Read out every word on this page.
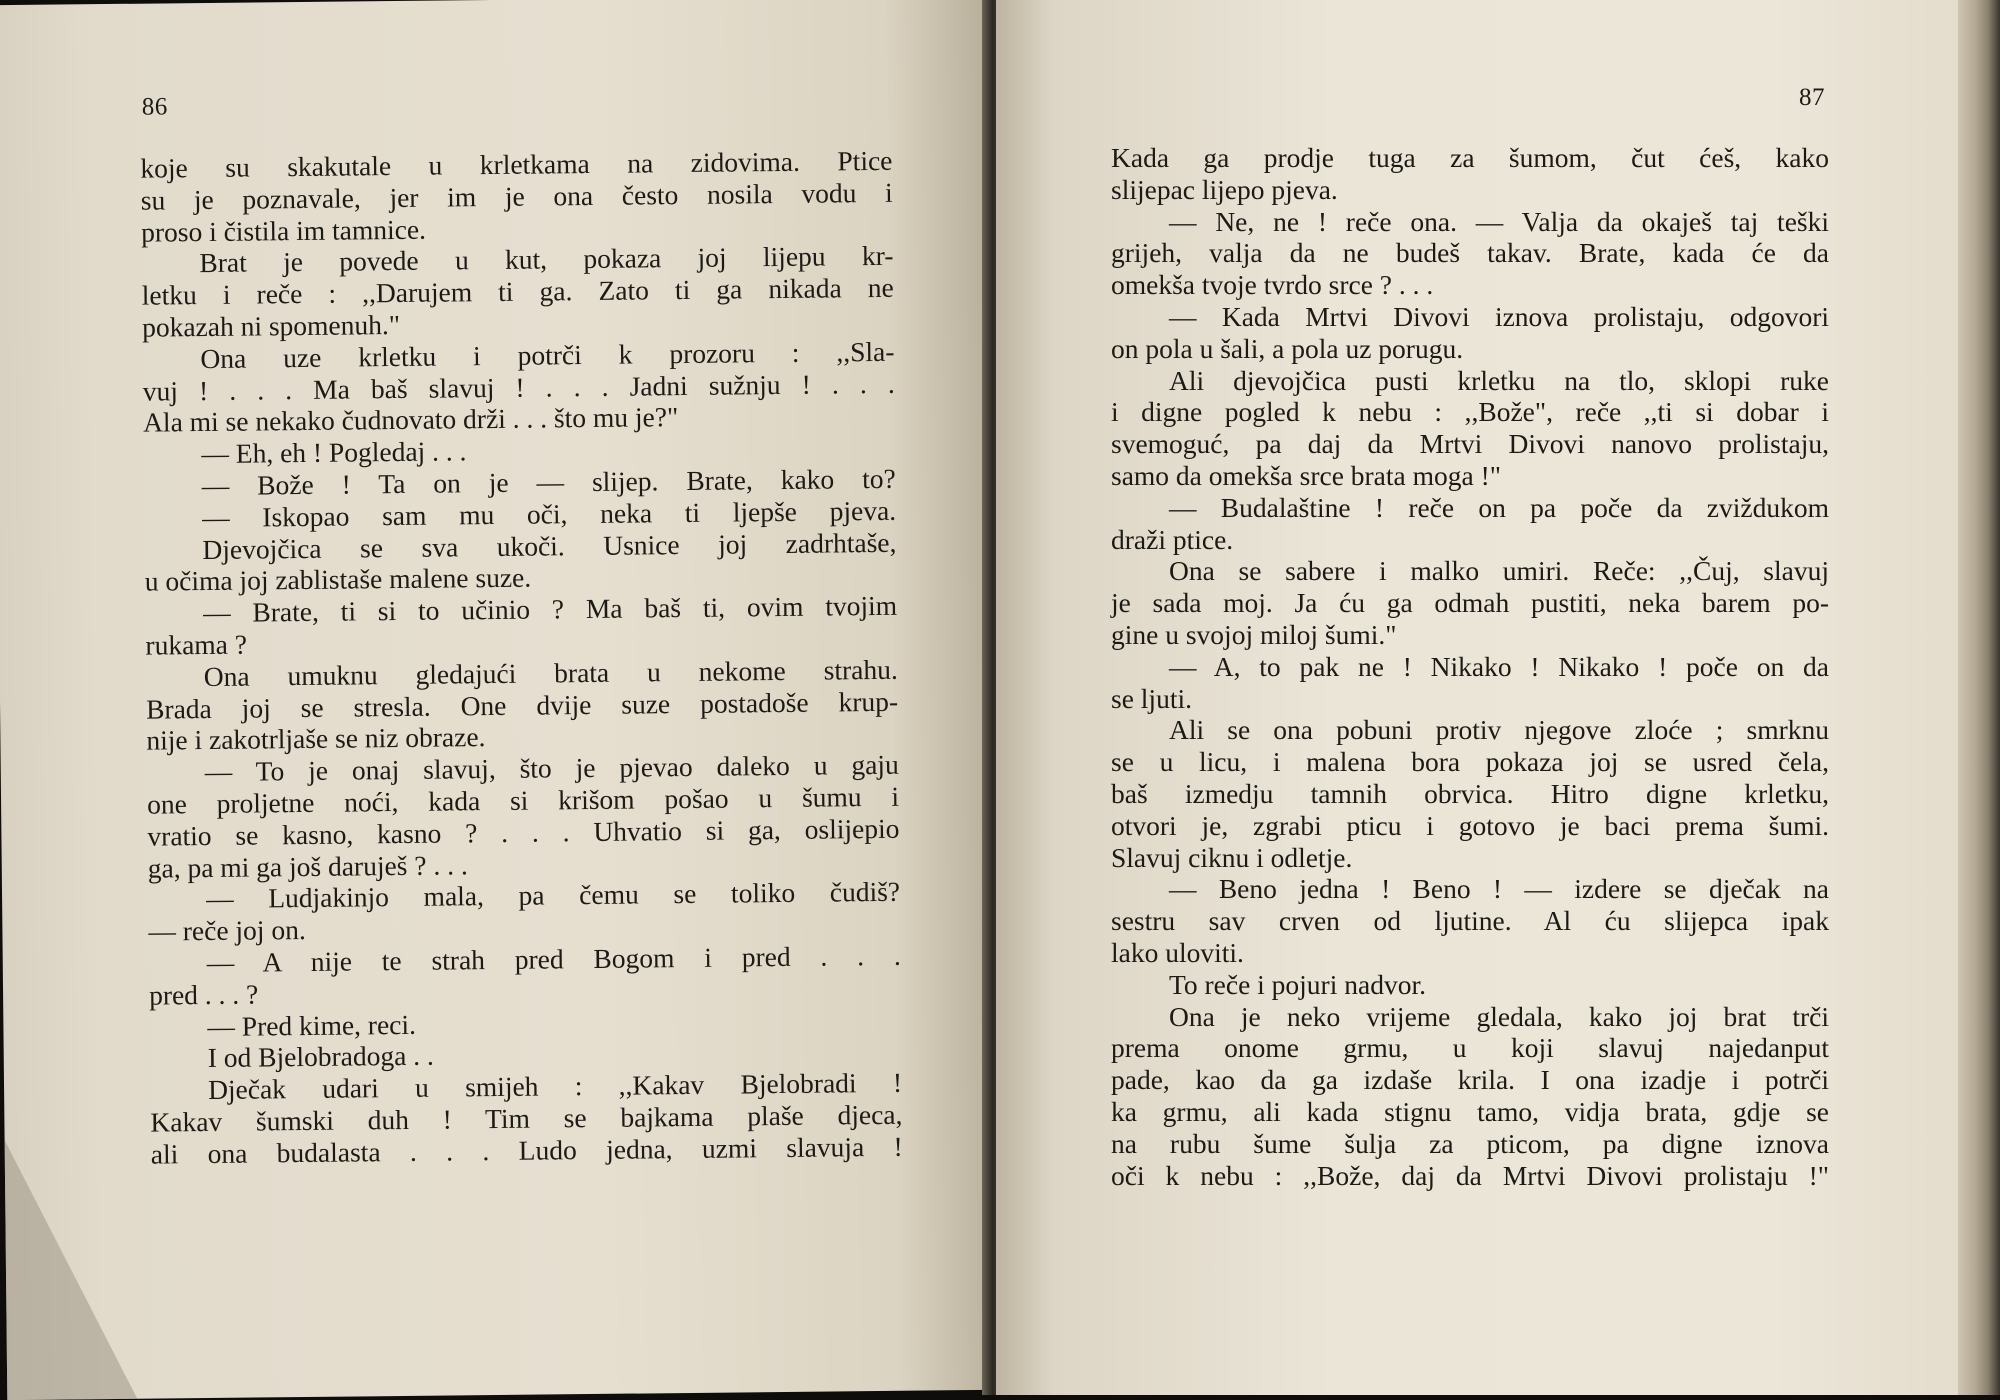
86
koje su skakutale u krletkama na zidovima. Ptice
su je poznavale, jer im je ona često nosila vodu i
proso i čistila im tamnice.
Brat je povede u kut, pokaza joj lijepu kr-
letku i reče : ,,Darujem ti ga. Zato ti ga nikada ne
pokazah ni spomenuh."
Ona uze krletku i potrči k prozoru : ,,Sla-
vuj ! . . . Ma baš slavuj ! . . . Jadni sužnju ! . . .
Ala mi se nekako čudnovato drži . . . što mu je?"
— Eh, eh ! Pogledaj . . .
— Bože ! Ta on je — slijep. Brate, kako to?
— Iskopao sam mu oči, neka ti ljepše pjeva.
Djevojčica se sva ukoči. Usnice joj zadrhtaše,
u očima joj zablistaše malene suze.
— Brate, ti si to učinio ? Ma baš ti, ovim tvojim
rukama ?
Ona umuknu gledajući brata u nekome strahu.
Brada joj se stresla. One dvije suze postadoše krup-
nije i zakotrljaše se niz obraze.
— To je onaj slavuj, što je pjevao daleko u gaju
one proljetne noći, kada si krišom pošao u šumu i
vratio se kasno, kasno ? . . . Uhvatio si ga, oslijepio
ga, pa mi ga još daruješ ? . . .
— Ludjakinjo mala, pa čemu se toliko čudiš?
— reče joj on.
— A nije te strah pred Bogom i pred . . .
pred . . . ?
— Pred kime, reci.
I od Bjelobradoga . .
Dječak udari u smijeh : ,,Kakav Bjelobradi !
Kakav šumski duh ! Tim se bajkama plaše djeca,
ali ona budalasta . . . Ludo jedna, uzmi slavuja !
87
Kada ga prodje tuga za šumom, čut ćeš, kako
slijepac lijepo pjeva.
— Ne, ne ! reče ona. — Valja da okaješ taj teški
grijeh, valja da ne budeš takav. Brate, kada će da
omekša tvoje tvrdo srce ? . . .
— Kada Mrtvi Divovi iznova prolistaju, odgovori
on pola u šali, a pola uz porugu.
Ali djevojčica pusti krletku na tlo, sklopi ruke
i digne pogled k nebu : ,,Bože", reče ,,ti si dobar i
svemoguć, pa daj da Mrtvi Divovi nanovo prolistaju,
samo da omekša srce brata moga !"
— Budalaštine ! reče on pa poče da zviždukom
draži ptice.
Ona se sabere i malko umiri. Reče: ,,Čuj, slavuj
je sada moj. Ja ću ga odmah pustiti, neka barem po-
gine u svojoj miloj šumi."
— A, to pak ne ! Nikako ! Nikako ! poče on da
se ljuti.
Ali se ona pobuni protiv njegove zloće ; smrknu
se u licu, i malena bora pokaza joj se usred čela,
baš izmedju tamnih obrvica. Hitro digne krletku,
otvori je, zgrabi pticu i gotovo je baci prema šumi.
Slavuj ciknu i odletje.
— Beno jedna ! Beno ! — izdere se dječak na
sestru sav crven od ljutine. Al ću slijepca ipak
lako uloviti.
To reče i pojuri nadvor.
Ona je neko vrijeme gledala, kako joj brat trči
prema onome grmu, u koji slavuj najedanput
pade, kao da ga izdaše krila. I ona izadje i potrči
ka grmu, ali kada stignu tamo, vidja brata, gdje se
na rubu šume šulja za pticom, pa digne iznova
oči k nebu : ,,Bože, daj da Mrtvi Divovi prolistaju !"
